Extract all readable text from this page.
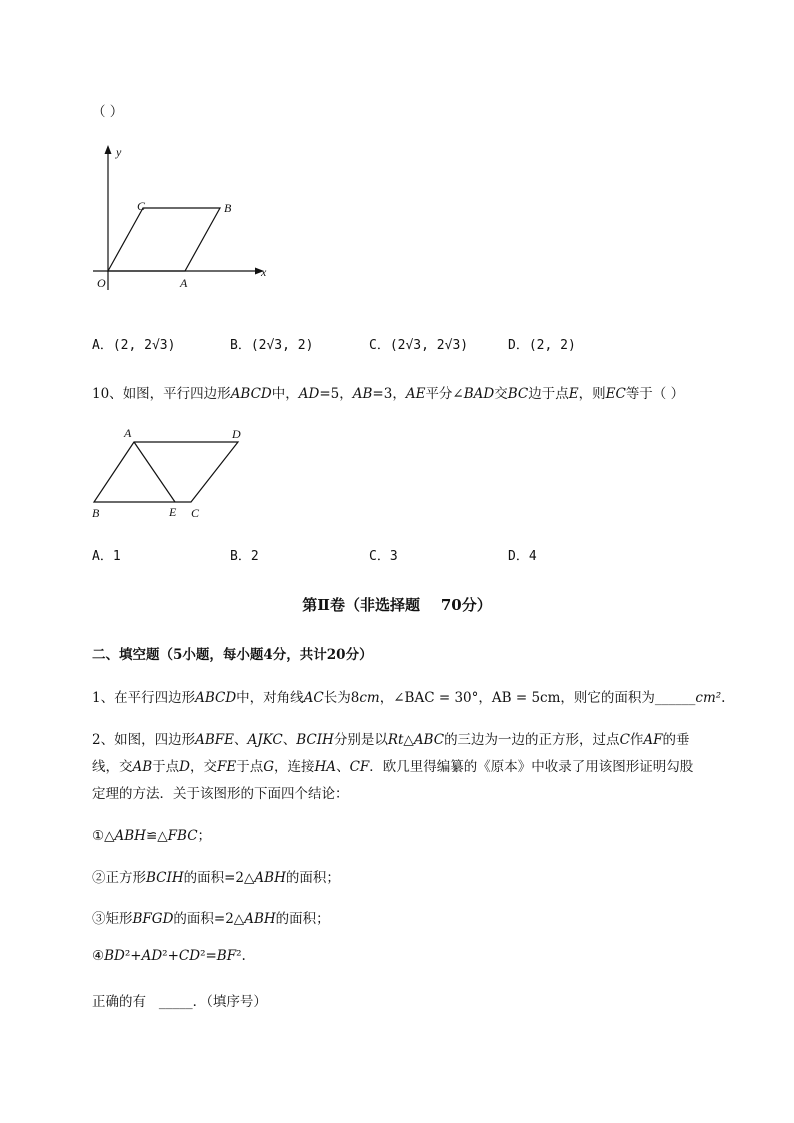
（ ）
y
x
O	A
B
C
A．(2, 2√3)	B．(2√3, 2)	C．(2√3, 2√3)	D．(2, 2)
10、如图，平行四边形ABCD中，AD=5，AB=3，AE平分∠BAD交BC边于点E，则EC等于（ ）
A	D
B	E C
A．1	B．2	C．3	D．4
第Ⅱ卷（非选择题    70分）
二、填空题（5小题，每小题4分，共计20分）
1、在平行四边形ABCD中，对角线AC长为8cm，∠BAC = 30°，AB = 5cm，则它的面积为______cm².
2、如图，四边形ABFE、AJKC、BCIH分别是以Rt△ABC的三边为一边的正方形，过点C作AF的垂
线，交AB于点D，交FE于点G，连接HA、CF．欧几里得编纂的《原本》中收录了用该图形证明勾股
定理的方法．关于该图形的下面四个结论：
①△ABH≌△FBC；
②正方形BCIH的面积=2△ABH的面积；
③矩形BFGD的面积=2△ABH的面积；
④BD²+AD²+CD²=BF².
正确的有   _____．（填序号）
